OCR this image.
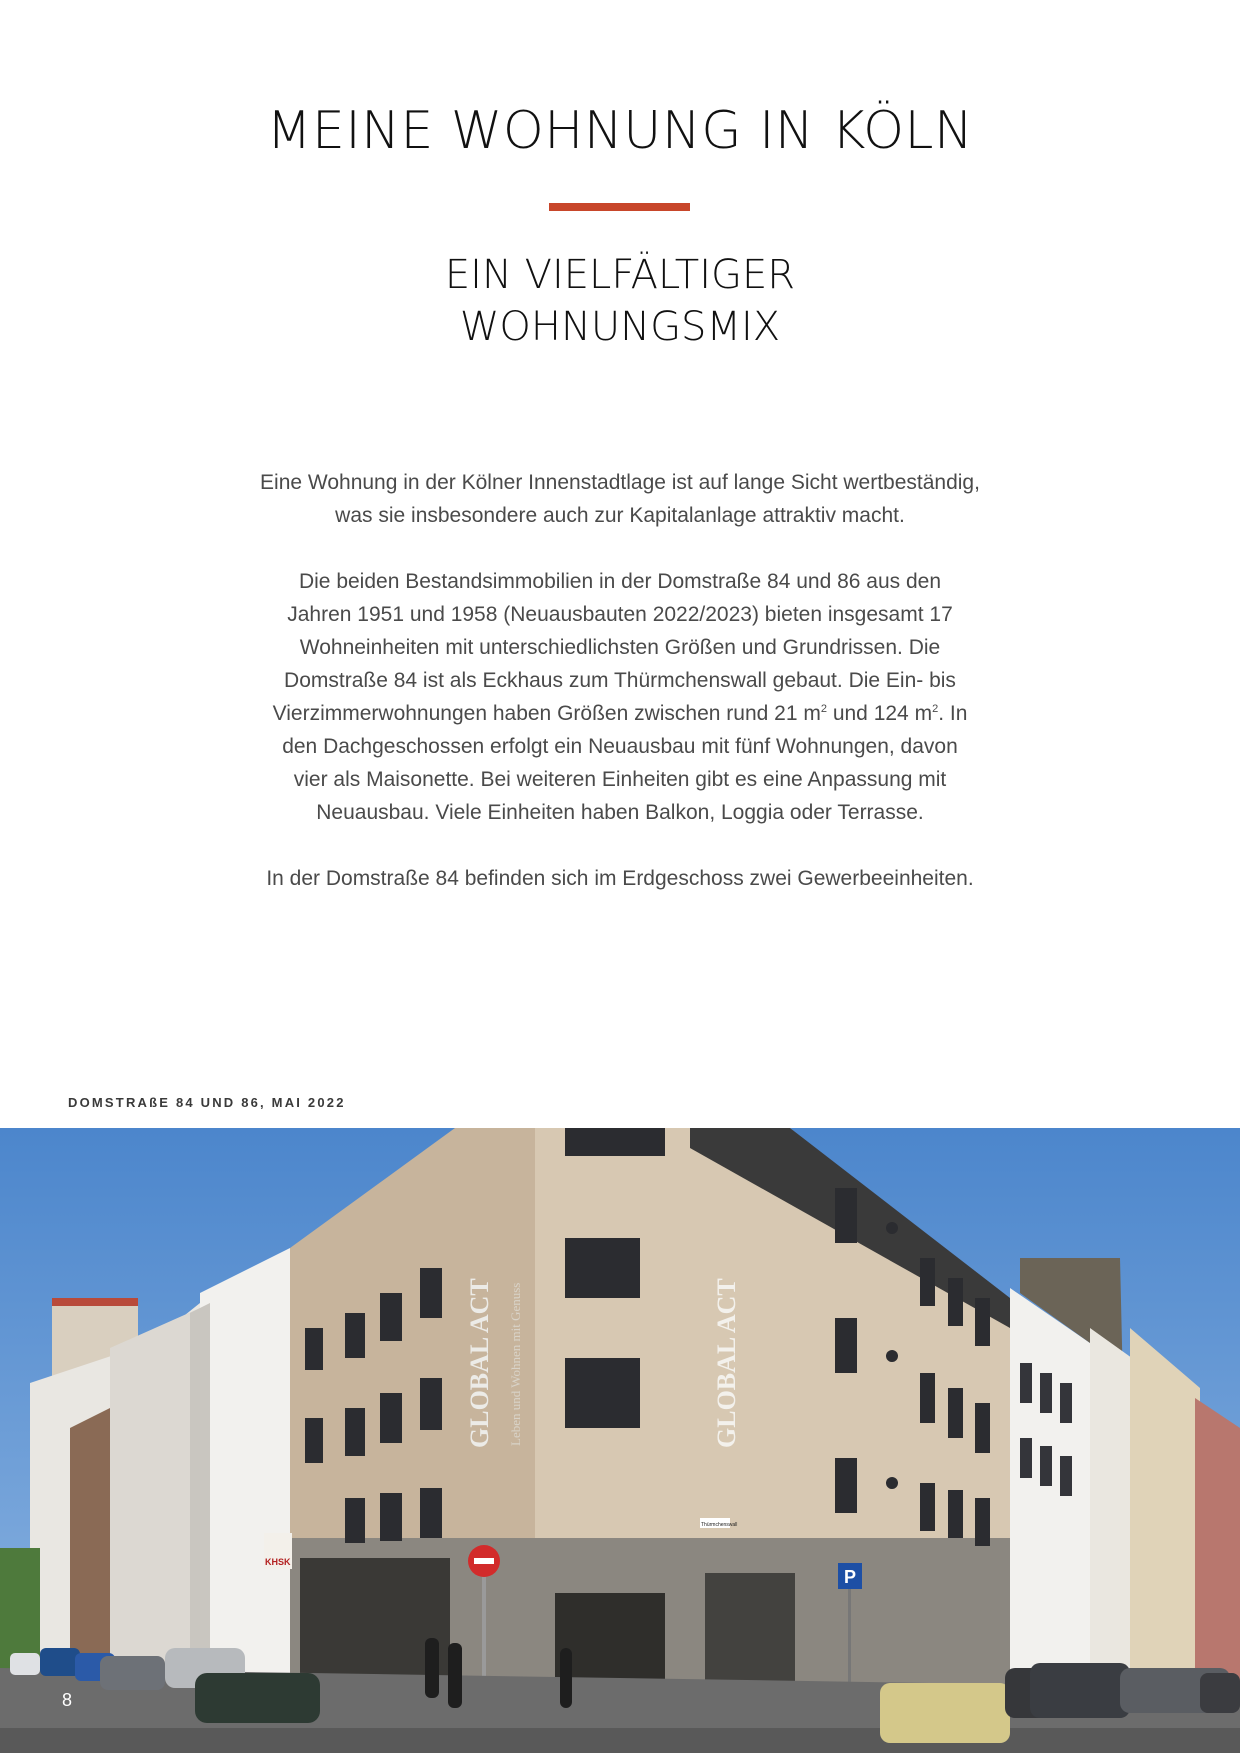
MEINE WOHNUNG IN KÖLN
EIN VIELFÄLTIGER
WOHNUNGSMIX

Eine Wohnung in der Kölner Innenstadtlage ist auf lange Sicht wertbeständig,
was sie insbesondere auch zur Kapitalanlage attraktiv macht.

Die beiden Bestandsimmobilien in der Domstraße 84 und 86 aus den
Jahren 1951 und 1958 (Neuausbauten 2022/2023) bieten insgesamt 17
Wohneinheiten mit unterschiedlichsten Größen und Grundrissen. Die
Domstraße 84 ist als Eckhaus zum Thürmchenswall gebaut. Die Ein- bis
Vierzimmerwohnungen haben Größen zwischen rund 21 $m^2$ und 124 $m^2$. In
den Dachgeschossen erfolgt ein Neuausbau mit fünf Wohnungen, davon
vier als Maisonette. Bei weiteren Einheiten gibt es eine Anpassung mit
Neuausbau. Viele Einheiten haben Balkon, Loggia oder Terrasse.

In der Domstraße 84 befinden sich im Erdgeschoss zwei Gewerbeeinheiten.

DOMSTRAßE 84 UND 86, MAI 2022
GLOBAL ACT Leben und Wohnen mit Genuss	GLOBAL ACT
P
KHSK
Thürmchenswall
8
